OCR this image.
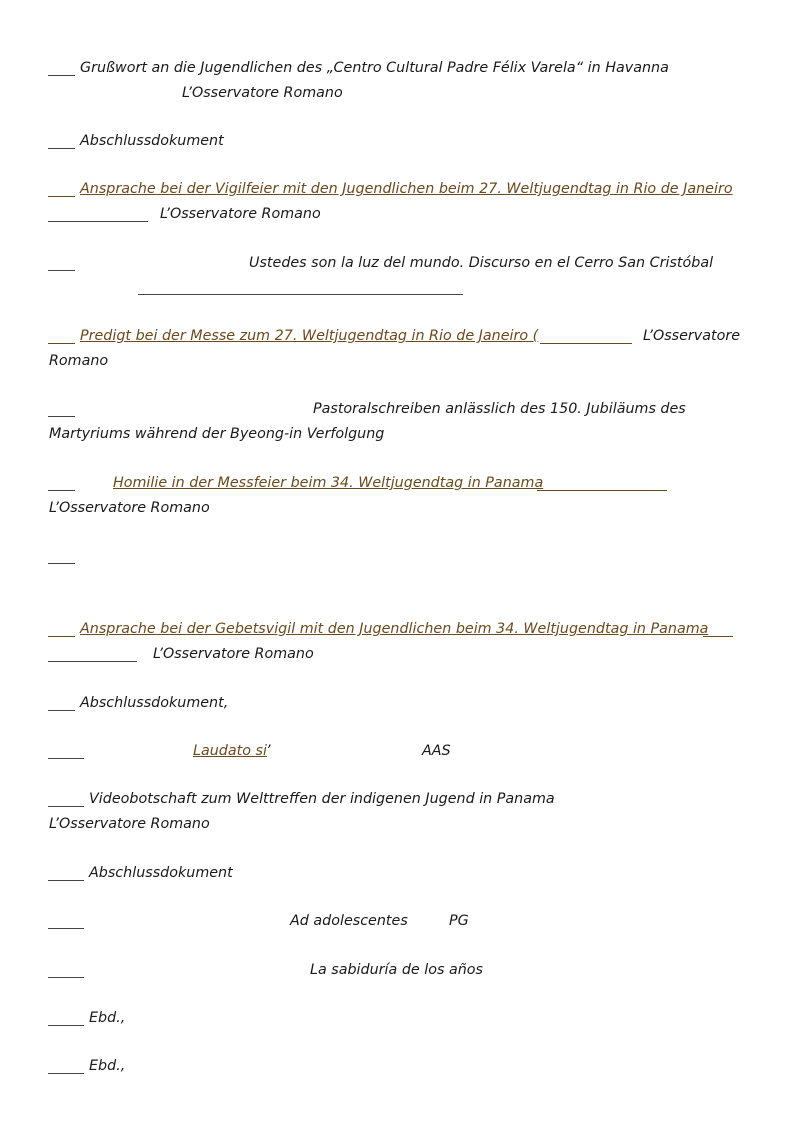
Grußwort an die Jugendlichen des „Centro Cultural Padre Félix Varela“ in Havanna
L’Osservatore Romano
Abschlussdokument
Ansprache bei der Vigilfeier mit den Jugendlichen beim 27. Weltjugendtag in Rio de Janeiro
L’Osservatore Romano
Ustedes son la luz del mundo. Discurso en el Cerro San Cristóbal
Predigt bei der Messe zum 27. Weltjugendtag in Rio de Janeiro (	L’Osservatore
Romano
Pastoralschreiben anlässlich des 150. Jubiläums des
Martyriums während der Byeong-in Verfolgung
Homilie in der Messfeier beim 34. Weltjugendtag in Panama
L’Osservatore Romano
Ansprache bei der Gebetsvigil mit den Jugendlichen beim 34. Weltjugendtag in Panama
L’Osservatore Romano
Abschlussdokument,
Laudato si ’	AAS
Videobotschaft zum Welttreffen der indigenen Jugend in Panama
L’Osservatore Romano
Abschlussdokument
Ad adolescentes	PG
La sabiduría de los años
Ebd.,
Ebd.,
